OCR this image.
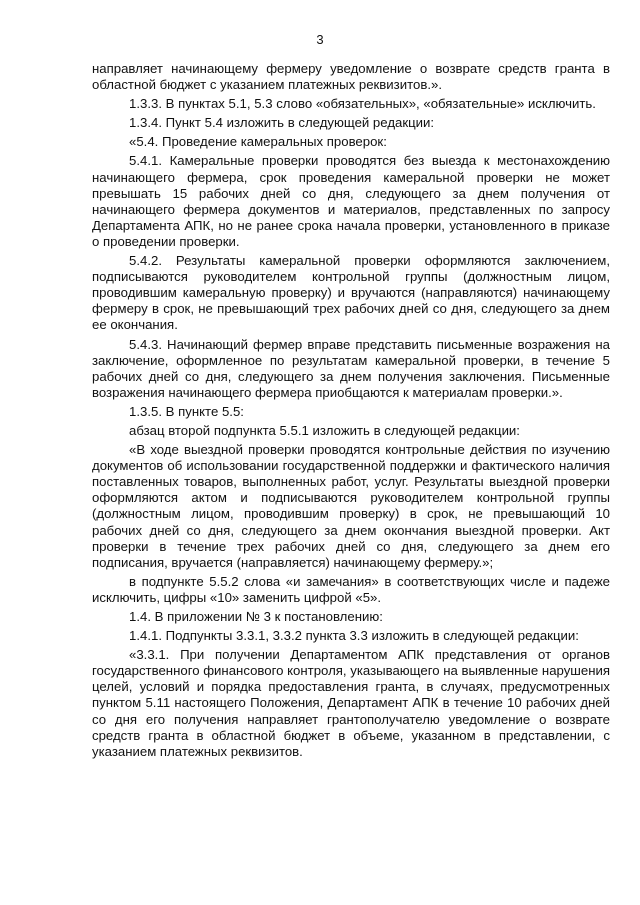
3

направляет начинающему фермеру уведомление о возврате средств гранта в областной бюджет с указанием платежных реквизитов.».

1.3.3. В пунктах 5.1, 5.3 слово «обязательных», «обязательные» исключить.

1.3.4. Пункт 5.4 изложить в следующей редакции:

«5.4. Проведение камеральных проверок:

5.4.1. Камеральные проверки проводятся без выезда к местонахождению начинающего фермера, срок проведения камеральной проверки не может превышать 15 рабочих дней со дня, следующего за днем получения от начинающего фермера документов и материалов, представленных по запросу Департамента АПК, но не ранее срока начала проверки, установленного в приказе о проведении проверки.

5.4.2. Результаты камеральной проверки оформляются заключением, подписываются руководителем контрольной группы (должностным лицом, проводившим камеральную проверку) и вручаются (направляются) начинающему фермеру в срок, не превышающий трех рабочих дней со дня, следующего за днем ее окончания.

5.4.3. Начинающий фермер вправе представить письменные возражения на заключение, оформленное по результатам камеральной проверки, в течение 5 рабочих дней со дня, следующего за днем получения заключения. Письменные возражения начинающего фермера приобщаются к материалам проверки.».

1.3.5. В пункте 5.5:

абзац второй подпункта 5.5.1 изложить в следующей редакции:

«В ходе выездной проверки проводятся контрольные действия по изучению документов об использовании государственной поддержки и фактического наличия поставленных товаров, выполненных работ, услуг. Результаты выездной проверки оформляются актом и подписываются руководителем контрольной группы (должностным лицом, проводившим проверку) в срок, не превышающий 10 рабочих дней со дня, следующего за днем окончания выездной проверки. Акт проверки в течение трех рабочих дней со дня, следующего за днем его подписания, вручается (направляется) начинающему фермеру.»;

в подпункте 5.5.2 слова «и замечания» в соответствующих числе и падеже исключить, цифры «10» заменить цифрой «5».

1.4. В приложении № 3 к постановлению:

1.4.1. Подпункты 3.3.1, 3.3.2 пункта 3.3 изложить в следующей редакции:

«3.3.1. При получении Департаментом АПК представления от органов государственного финансового контроля, указывающего на выявленные нарушения целей, условий и порядка предоставления гранта, в случаях, предусмотренных пунктом 5.11 настоящего Положения, Департамент АПК в течение 10 рабочих дней со дня его получения направляет грантополучателю уведомление о возврате средств гранта в областной бюджет в объеме, указанном в представлении, с указанием платежных реквизитов.
